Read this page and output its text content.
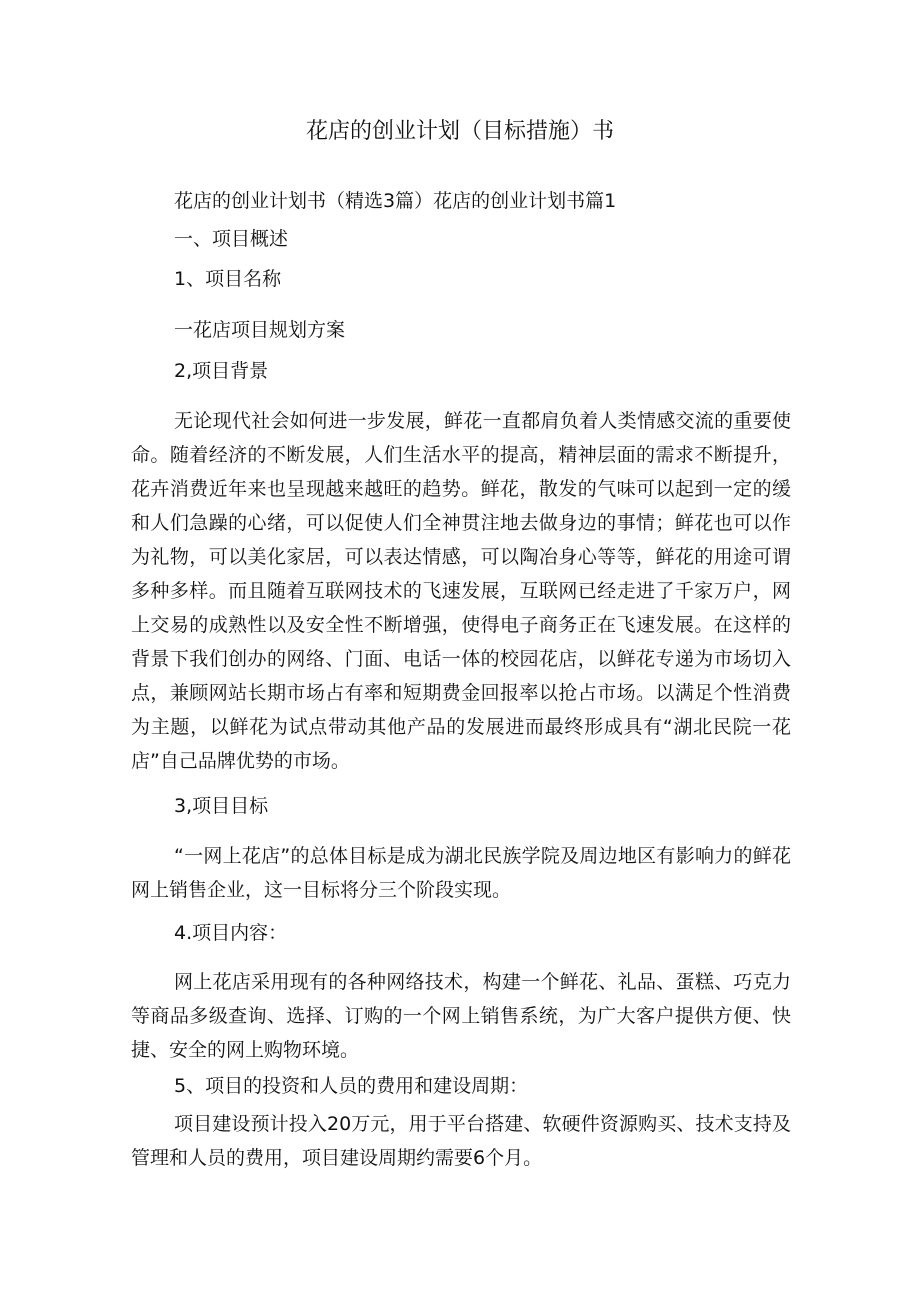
花店的创业计划（目标措施）书
花店的创业计划书（精选3篇）花店的创业计划书篇1
一、项目概述
1、项目名称
一花店项目规划方案
2,项目背景
无论现代社会如何进一步发展，鲜花一直都肩负着人类情感交流的重要使命。随着经济的不断发展，人们生活水平的提高，精神层面的需求不断提升，花卉消费近年来也呈现越来越旺的趋势。鲜花，散发的气味可以起到一定的缓和人们急躁的心绪，可以促使人们全神贯注地去做身边的事情；鲜花也可以作为礼物，可以美化家居，可以表达情感，可以陶冶身心等等，鲜花的用途可谓多种多样。而且随着互联网技术的飞速发展，互联网已经走进了千家万户，网上交易的成熟性以及安全性不断增强，使得电子商务正在飞速发展。在这样的背景下我们创办的网络、门面、电话一体的校园花店，以鲜花专递为市场切入点，兼顾网站长期市场占有率和短期费金回报率以抢占市场。以满足个性消费为主题，以鲜花为试点带动其他产品的发展进而最终形成具有“湖北民院一花店”自己品牌优势的市场。
3,项目目标
“一网上花店”的总体目标是成为湖北民族学院及周边地区有影响力的鲜花网上销售企业，这一目标将分三个阶段实现。
4.项目内容：
网上花店采用现有的各种网络技术，构建一个鲜花、礼品、蛋糕、巧克力等商品多级查询、选择、订购的一个网上销售系统，为广大客户提供方便、快捷、安全的网上购物环境。
5、项目的投资和人员的费用和建设周期：
项目建设预计投入20万元，用于平台搭建、软硬件资源购买、技术支持及管理和人员的费用，项目建设周期约需要6个月。
